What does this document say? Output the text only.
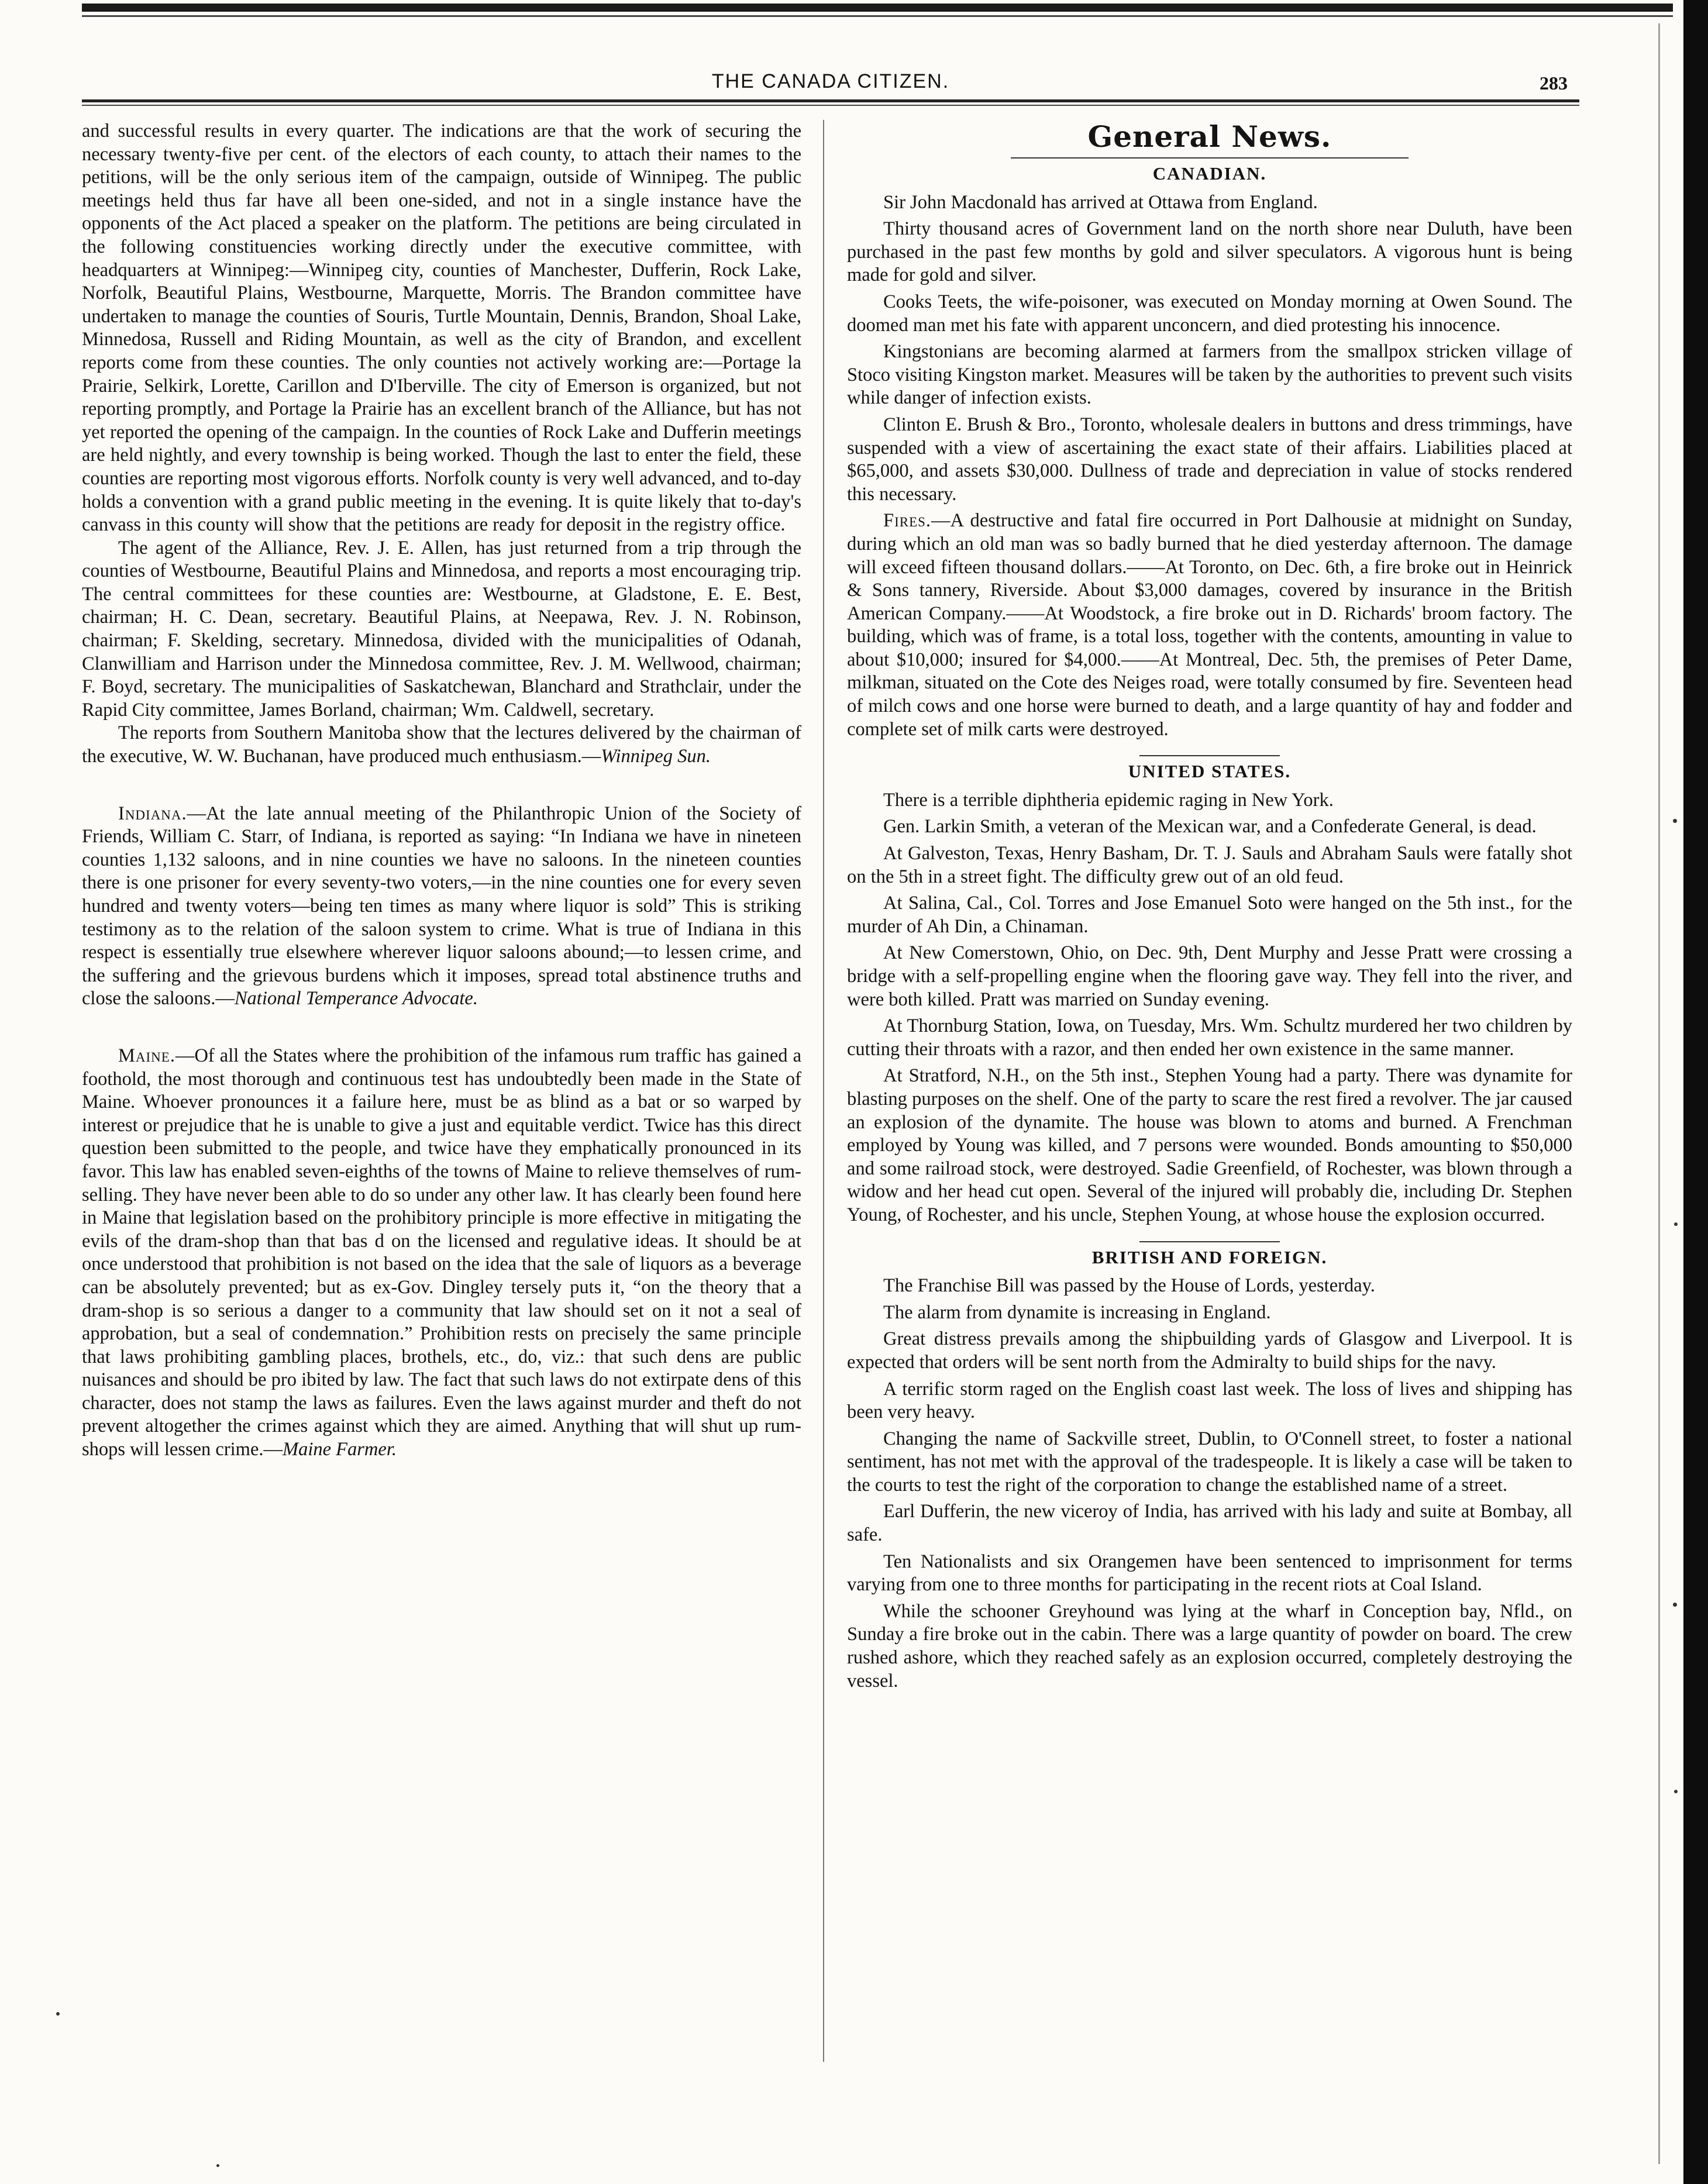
THE CANADA CITIZEN.	283

and successful results in every quarter. The indications are that the work of securing the necessary twenty-five per cent. of the electors of each county, to attach their names to the petitions, will be the only serious item of the campaign, outside of Winnipeg. The public meetings held thus far have all been one-sided, and not in a single instance have the opponents of the Act placed a speaker on the platform. The petitions are being circulated in the following constituencies working directly under the executive committee, with headquarters at Winnipeg:—Winnipeg city, counties of Manchester, Dufferin, Rock Lake, Norfolk, Beautiful Plains, Westbourne, Marquette, Morris. The Brandon committee have undertaken to manage the counties of Souris, Turtle Mountain, Dennis, Brandon, Shoal Lake, Minnedosa, Russell and Riding Mountain, as well as the city of Brandon, and excellent reports come from these counties. The only counties not actively working are:—Portage la Prairie, Selkirk, Lorette, Carillon and D'Iberville. The city of Emerson is organized, but not reporting promptly, and Portage la Prairie has an excellent branch of the Alliance, but has not yet reported the opening of the campaign. In the counties of Rock Lake and Dufferin meetings are held nightly, and every township is being worked. Though the last to enter the field, these counties are reporting most vigorous efforts. Norfolk county is very well advanced, and to-day holds a convention with a grand public meeting in the evening. It is quite likely that to-day's canvass in this county will show that the petitions are ready for deposit in the registry office.

The agent of the Alliance, Rev. J. E. Allen, has just returned from a trip through the counties of Westbourne, Beautiful Plains and Minnedosa, and reports a most encouraging trip. The central committees for these counties are: Westbourne, at Gladstone, E. E. Best, chairman; H. C. Dean, secretary. Beautiful Plains, at Neepawa, Rev. J. N. Robinson, chairman; F. Skelding, secretary. Minnedosa, divided with the municipalities of Odanah, Clanwilliam and Harrison under the Minnedosa committee, Rev. J. M. Wellwood, chairman; F. Boyd, secretary. The municipalities of Saskatchewan, Blanchard and Strathclair, under the Rapid City committee, James Borland, chairman; Wm. Caldwell, secretary.

The reports from Southern Manitoba show that the lectures delivered by the chairman of the executive, W. W. Buchanan, have produced much enthusiasm.—Winnipeg Sun.

Indiana.—At the late annual meeting of the Philanthropic Union of the Society of Friends, William C. Starr, of Indiana, is reported as saying: “In Indiana we have in nineteen counties 1,132 saloons, and in nine counties we have no saloons. In the nineteen counties there is one prisoner for every seventy-two voters,—in the nine counties one for every seven hundred and twenty voters—being ten times as many where liquor is sold” This is striking testimony as to the relation of the saloon system to crime. What is true of Indiana in this respect is essentially true elsewhere wherever liquor saloons abound;—to lessen crime, and the suffering and the grievous burdens which it imposes, spread total abstinence truths and close the saloons.—National Temperance Advocate.

Maine.—Of all the States where the prohibition of the infamous rum traffic has gained a foothold, the most thorough and continuous test has undoubtedly been made in the State of Maine. Whoever pronounces it a failure here, must be as blind as a bat or so warped by interest or prejudice that he is unable to give a just and equitable verdict. Twice has this direct question been submitted to the people, and twice have they emphatically pronounced in its favor. This law has enabled seven-eighths of the towns of Maine to relieve themselves of rum-selling. They have never been able to do so under any other law. It has clearly been found here in Maine that legislation based on the prohibitory principle is more effective in mitigating the evils of the dram-shop than that bas d on the licensed and regulative ideas. It should be at once understood that prohibition is not based on the idea that the sale of liquors as a beverage can be absolutely prevented; but as ex-Gov. Dingley tersely puts it, “on the theory that a dram-shop is so serious a danger to a community that law should set on it not a seal of approbation, but a seal of condemnation.” Prohibition rests on precisely the same principle that laws prohibiting gambling places, brothels, etc., do, viz.: that such dens are public nuisances and should be pro ibited by law. The fact that such laws do not extirpate dens of this character, does not stamp the laws as failures. Even the laws against murder and theft do not prevent altogether the crimes against which they are aimed. Anything that will shut up rum-shops will lessen crime.—Maine Farmer.

General News.
CANADIAN.

Sir John Macdonald has arrived at Ottawa from England.

Thirty thousand acres of Government land on the north shore near Duluth, have been purchased in the past few months by gold and silver speculators. A vigorous hunt is being made for gold and silver.

Cooks Teets, the wife-poisoner, was executed on Monday morning at Owen Sound. The doomed man met his fate with apparent unconcern, and died protesting his innocence.

Kingstonians are becoming alarmed at farmers from the smallpox stricken village of Stoco visiting Kingston market. Measures will be taken by the authorities to prevent such visits while danger of infection exists.

Clinton E. Brush & Bro., Toronto, wholesale dealers in buttons and dress trimmings, have suspended with a view of ascertaining the exact state of their affairs. Liabilities placed at $65,000, and assets $30,000. Dullness of trade and depreciation in value of stocks rendered this necessary.

Fires.—A destructive and fatal fire occurred in Port Dalhousie at midnight on Sunday, during which an old man was so badly burned that he died yesterday afternoon. The damage will exceed fifteen thousand dollars.——At Toronto, on Dec. 6th, a fire broke out in Heinrick & Sons tannery, Riverside. About $3,000 damages, covered by insurance in the British American Company.——At Woodstock, a fire broke out in D. Richards' broom factory. The building, which was of frame, is a total loss, together with the contents, amounting in value to about $10,000; insured for $4,000.——At Montreal, Dec. 5th, the premises of Peter Dame, milkman, situated on the Cote des Neiges road, were totally consumed by fire. Seventeen head of milch cows and one horse were burned to death, and a large quantity of hay and fodder and complete set of milk carts were destroyed.

UNITED STATES.

There is a terrible diphtheria epidemic raging in New York.

Gen. Larkin Smith, a veteran of the Mexican war, and a Confederate General, is dead.

At Galveston, Texas, Henry Basham, Dr. T. J. Sauls and Abraham Sauls were fatally shot on the 5th in a street fight. The difficulty grew out of an old feud.

At Salina, Cal., Col. Torres and Jose Emanuel Soto were hanged on the 5th inst., for the murder of Ah Din, a Chinaman.

At New Comerstown, Ohio, on Dec. 9th, Dent Murphy and Jesse Pratt were crossing a bridge with a self-propelling engine when the flooring gave way. They fell into the river, and were both killed. Pratt was married on Sunday evening.

At Thornburg Station, Iowa, on Tuesday, Mrs. Wm. Schultz murdered her two children by cutting their throats with a razor, and then ended her own existence in the same manner.

At Stratford, N.H., on the 5th inst., Stephen Young had a party. There was dynamite for blasting purposes on the shelf. One of the party to scare the rest fired a revolver. The jar caused an explosion of the dynamite. The house was blown to atoms and burned. A Frenchman employed by Young was killed, and 7 persons were wounded. Bonds amounting to $50,000 and some railroad stock, were destroyed. Sadie Greenfield, of Rochester, was blown through a widow and her head cut open. Several of the injured will probably die, including Dr. Stephen Young, of Rochester, and his uncle, Stephen Young, at whose house the explosion occurred.

BRITISH AND FOREIGN.

The Franchise Bill was passed by the House of Lords, yesterday.

The alarm from dynamite is increasing in England.

Great distress prevails among the shipbuilding yards of Glasgow and Liverpool. It is expected that orders will be sent north from the Admiralty to build ships for the navy.

A terrific storm raged on the English coast last week. The loss of lives and shipping has been very heavy.

Changing the name of Sackville street, Dublin, to O'Connell street, to foster a national sentiment, has not met with the approval of the tradespeople. It is likely a case will be taken to the courts to test the right of the corporation to change the established name of a street.

Earl Dufferin, the new viceroy of India, has arrived with his lady and suite at Bombay, all safe.

Ten Nationalists and six Orangemen have been sentenced to imprisonment for terms varying from one to three months for participating in the recent riots at Coal Island.

While the schooner Greyhound was lying at the wharf in Conception bay, Nfld., on Sunday a fire broke out in the cabin. There was a large quantity of powder on board. The crew rushed ashore, which they reached safely as an explosion occurred, completely destroying the vessel.
